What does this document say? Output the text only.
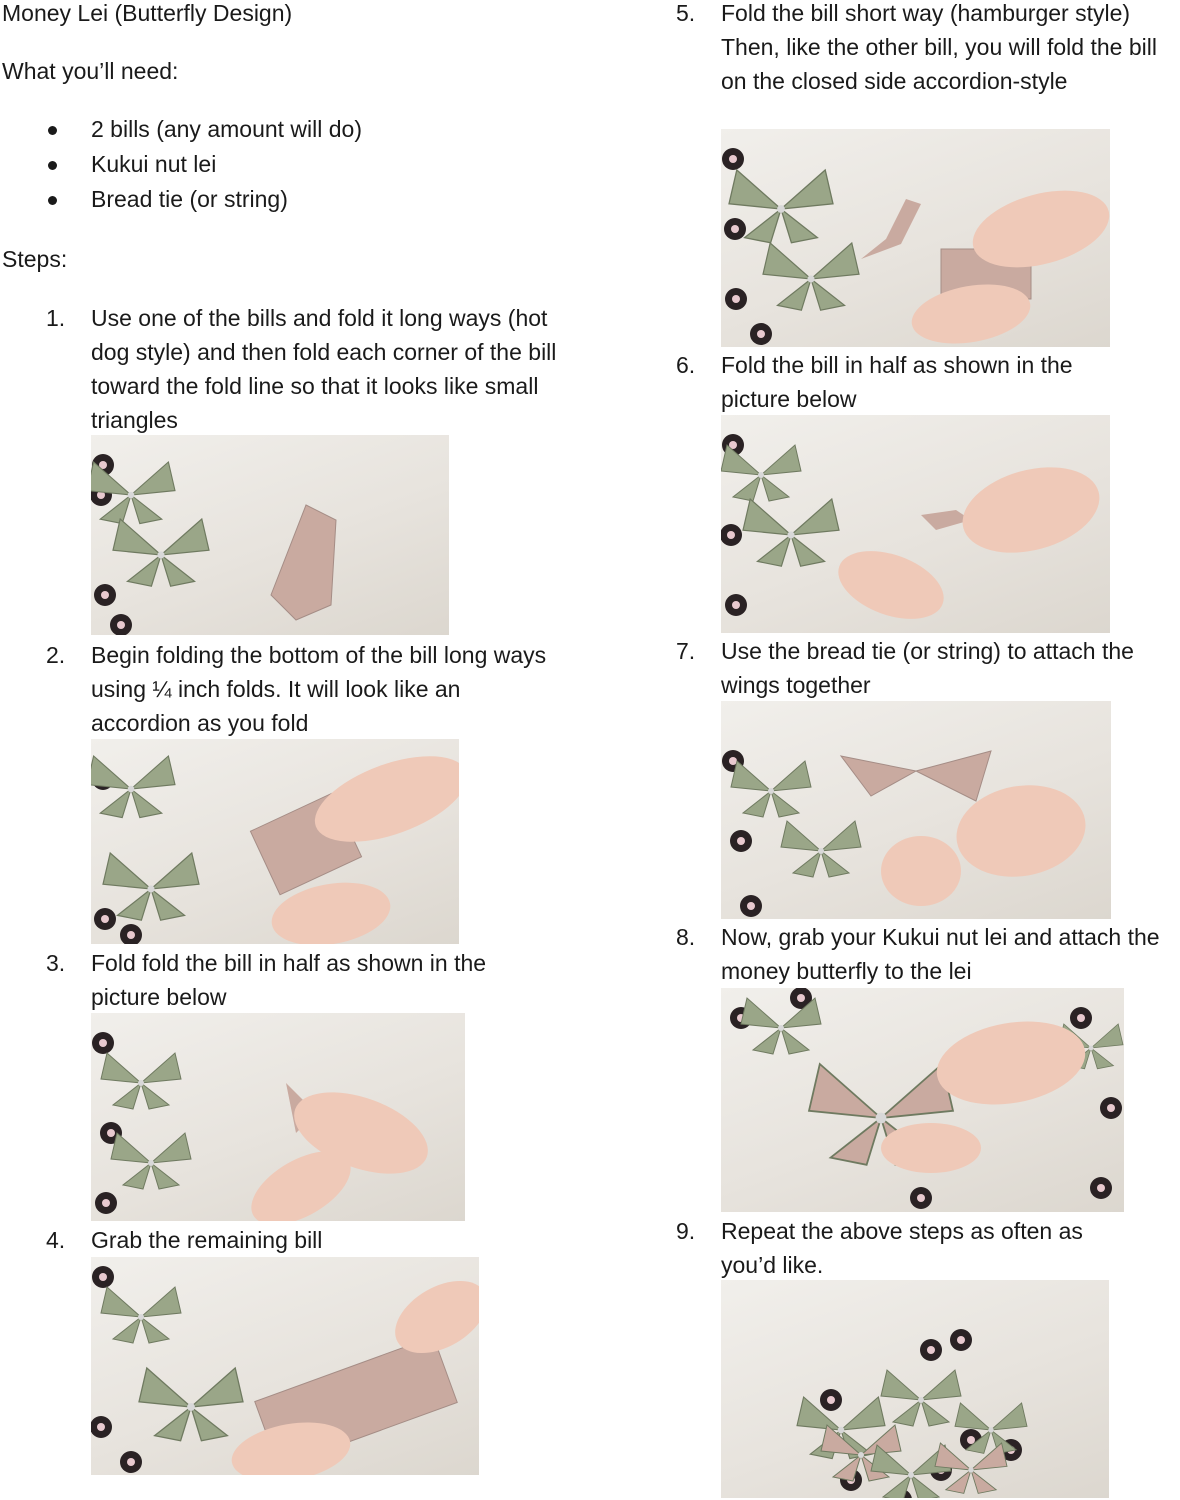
Money Lei (Butterfly Design)
What you’ll need:
2 bills (any amount will do)
Kukui nut lei
Bread tie (or string)
Steps:
1. Use one of the bills and fold it long ways (hot dog style) and then fold each corner of the bill toward the fold line so that it looks like small triangles
2. Begin folding the bottom of the bill long ways using ¼ inch folds. It will look like an accordion as you fold
3. Fold fold the bill in half as shown in the picture below
4. Grab the remaining bill
5. Fold the bill short way (hamburger style) Then, like the other bill, you will fold the bill on the closed side accordion-style
6. Fold the bill in half as shown in the picture below
7. Use the bread tie (or string) to attach the wings together
8. Now, grab your Kukui nut lei and attach the money butterfly to the lei
9. Repeat the above steps as often as you’d like.
